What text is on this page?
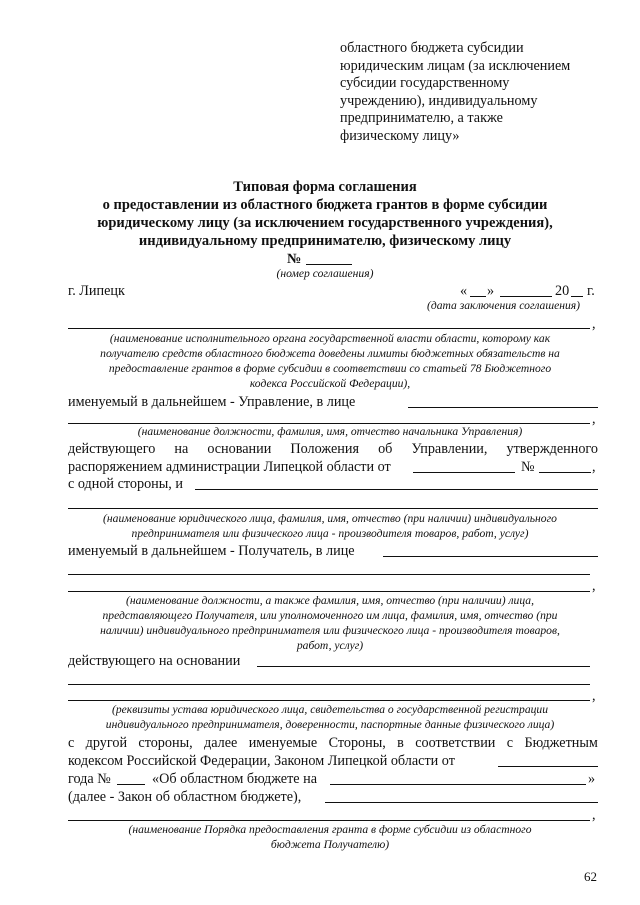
областного бюджета субсидии
юридическим лицам (за исключением
субсидии государственному
учреждению), индивидуальному
предпринимателю, а также
физическому лицу»
Типовая форма соглашения
о предоставлении из областного бюджета грантов в форме субсидии
юридическому лицу (за исключением государственного учреждения),
индивидуальному предпринимателю, физическому лицу
№
(номер соглашения)
г. Липецк	« »	20 г.
(дата заключения соглашения)
,
(наименование исполнительного органа государственной власти области, которому как
получателю средств областного бюджета доведены лимиты бюджетных обязательств на
предоставление грантов в форме субсидии в соответствии со статьей 78 Бюджетного
кодекса Российской Федерации),
именуемый в дальнейшем - Управление, в лице
,
(наименование должности, фамилия, имя, отчество начальника Управления)
действующего на основании Положения об Управлении, утвержденного
распоряжением администрации Липецкой области от	№	,
с одной стороны, и
(наименование юридического лица, фамилия, имя, отчество (при наличии) индивидуального
предпринимателя или физического лица - производителя товаров, работ, услуг)
именуемый в дальнейшем - Получатель, в лице
,
(наименование должности, а также фамилия, имя, отчество (при наличии) лица,
представляющего Получателя, или уполномоченного им лица, фамилия, имя, отчество (при
наличии) индивидуального предпринимателя или физического лица - производителя товаров,
работ, услуг)
действующего на основании
,
(реквизиты устава юридического лица, свидетельства о государственной регистрации
индивидуального предпринимателя, доверенности, паспортные данные физического лица)
с другой стороны, далее именуемые Стороны, в соответствии с Бюджетным
кодексом Российской Федерации, Законом Липецкой области от
года №	«Об областном бюджете на	»
(далее - Закон об областном бюджете),
,
(наименование Порядка предоставления гранта в форме субсидии из областного
бюджета Получателю)
62
